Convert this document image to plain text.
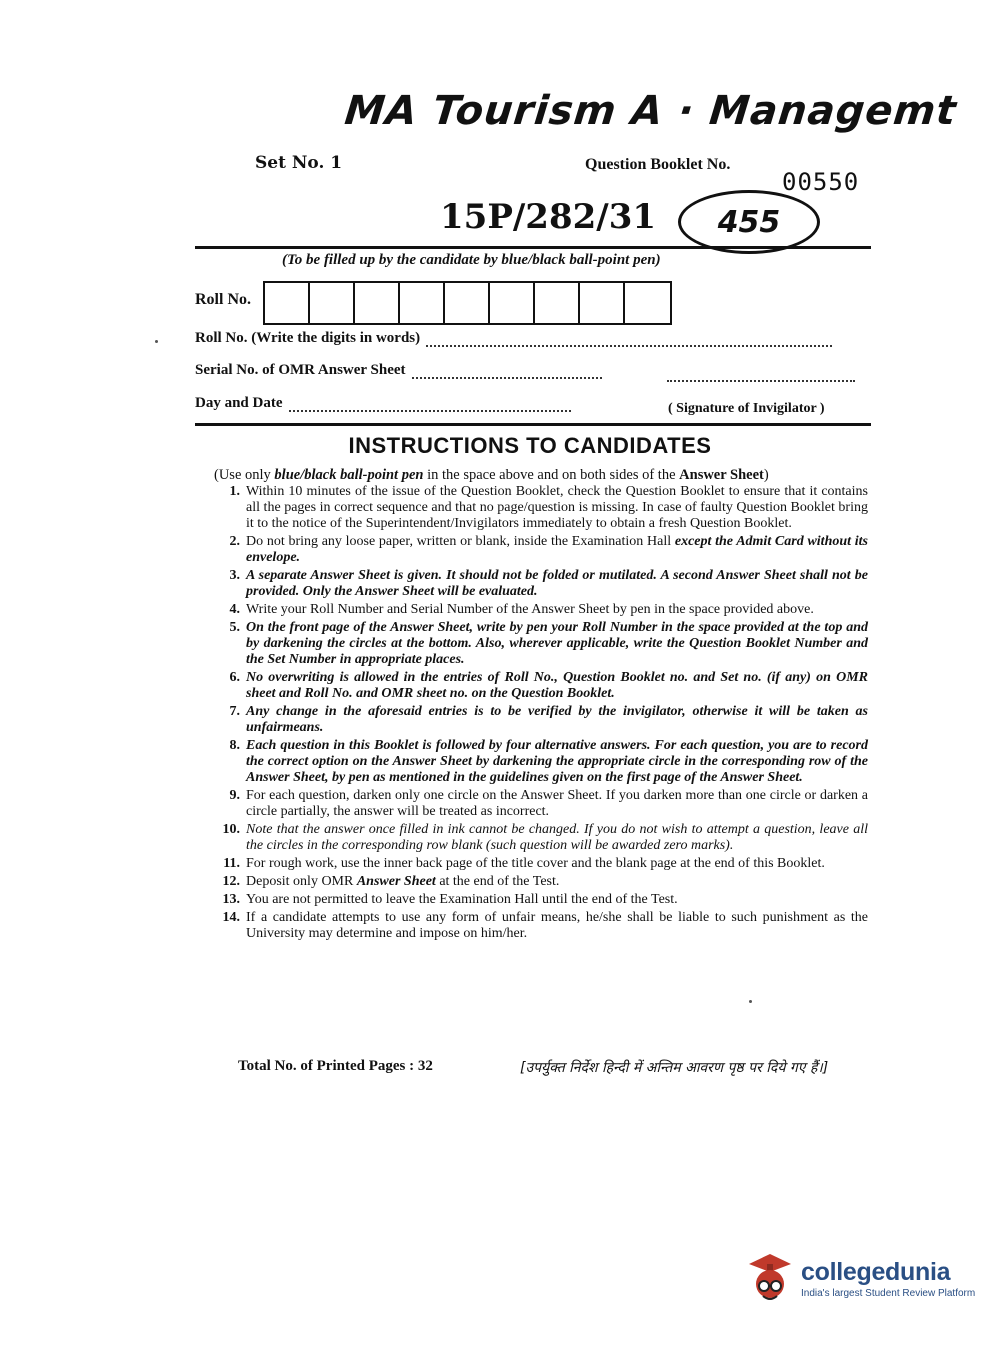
MA Tourism A · Managemt
Set No. 1	Question Booklet No.
00550
15P/282/31 455
(To be filled up by the candidate by blue/black ball-point pen)
Roll No.
Roll No. (Write the digits in words)
Serial No. of OMR Answer Sheet
Day and Date	( Signature of Invigilator )
INSTRUCTIONS TO CANDIDATES
(Use only blue/black ball-point pen in the space above and on both sides of the Answer Sheet)
1. Within 10 minutes of the issue of the Question Booklet, check the Question Booklet to ensure that it contains all the pages in correct sequence and that no page/question is missing. In case of faulty Question Booklet bring it to the notice of the Superintendent/Invigilators immediately to obtain a fresh Question Booklet.
2. Do not bring any loose paper, written or blank, inside the Examination Hall except the Admit Card without its envelope.
3. A separate Answer Sheet is given. It should not be folded or mutilated. A second Answer Sheet shall not be provided. Only the Answer Sheet will be evaluated.
4. Write your Roll Number and Serial Number of the Answer Sheet by pen in the space provided above.
5. On the front page of the Answer Sheet, write by pen your Roll Number in the space provided at the top and by darkening the circles at the bottom. Also, wherever applicable, write the Question Booklet Number and the Set Number in appropriate places.
6. No overwriting is allowed in the entries of Roll No., Question Booklet no. and Set no. (if any) on OMR sheet and Roll No. and OMR sheet no. on the Question Booklet.
7. Any change in the aforesaid entries is to be verified by the invigilator, otherwise it will be taken as unfairmeans.
8. Each question in this Booklet is followed by four alternative answers. For each question, you are to record the correct option on the Answer Sheet by darkening the appropriate circle in the corresponding row of the Answer Sheet, by pen as mentioned in the guidelines given on the first page of the Answer Sheet.
9. For each question, darken only one circle on the Answer Sheet. If you darken more than one circle or darken a circle partially, the answer will be treated as incorrect.
10. Note that the answer once filled in ink cannot be changed. If you do not wish to attempt a question, leave all the circles in the corresponding row blank (such question will be awarded zero marks).
11. For rough work, use the inner back page of the title cover and the blank page at the end of this Booklet.
12. Deposit only OMR Answer Sheet at the end of the Test.
13. You are not permitted to leave the Examination Hall until the end of the Test.
14. If a candidate attempts to use any form of unfair means, he/she shall be liable to such punishment as the University may determine and impose on him/her.
Total No. of Printed Pages : 32	[उपर्युक्त निर्देश हिन्दी में अन्तिम आवरण पृष्ठ पर दिये गए हैं।]
collegedunia
India's largest Student Review Platform
